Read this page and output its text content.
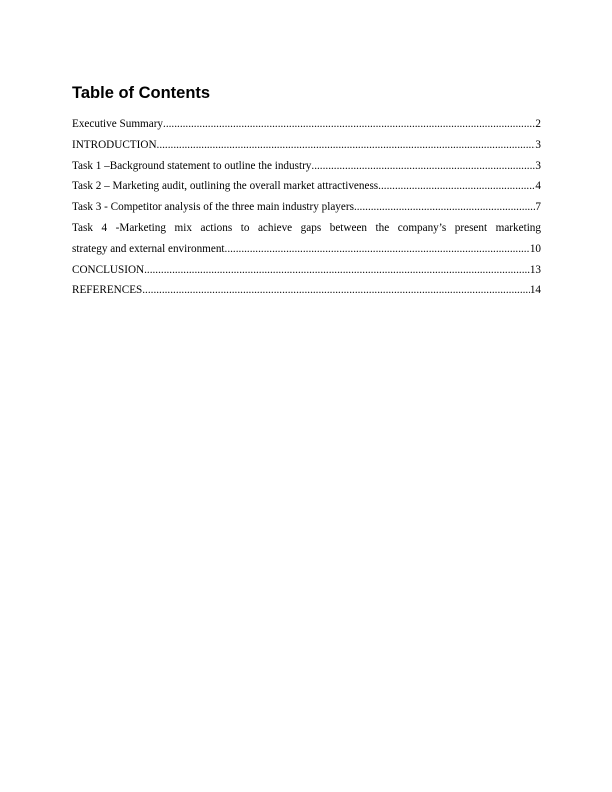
Table of Contents
Executive Summary .....	2
INTRODUCTION .....	3
Task 1 –Background statement to outline the industry .....	3
Task 2 – Marketing audit, outlining the overall market attractiveness. .....	4
Task 3 - Competitor analysis of the three main industry players. .....	7
Task 4 -Marketing mix actions to achieve gaps between the company’s present marketing
strategy and external environment .....	10
CONCLUSION .....	13
REFERENCES .....	14
